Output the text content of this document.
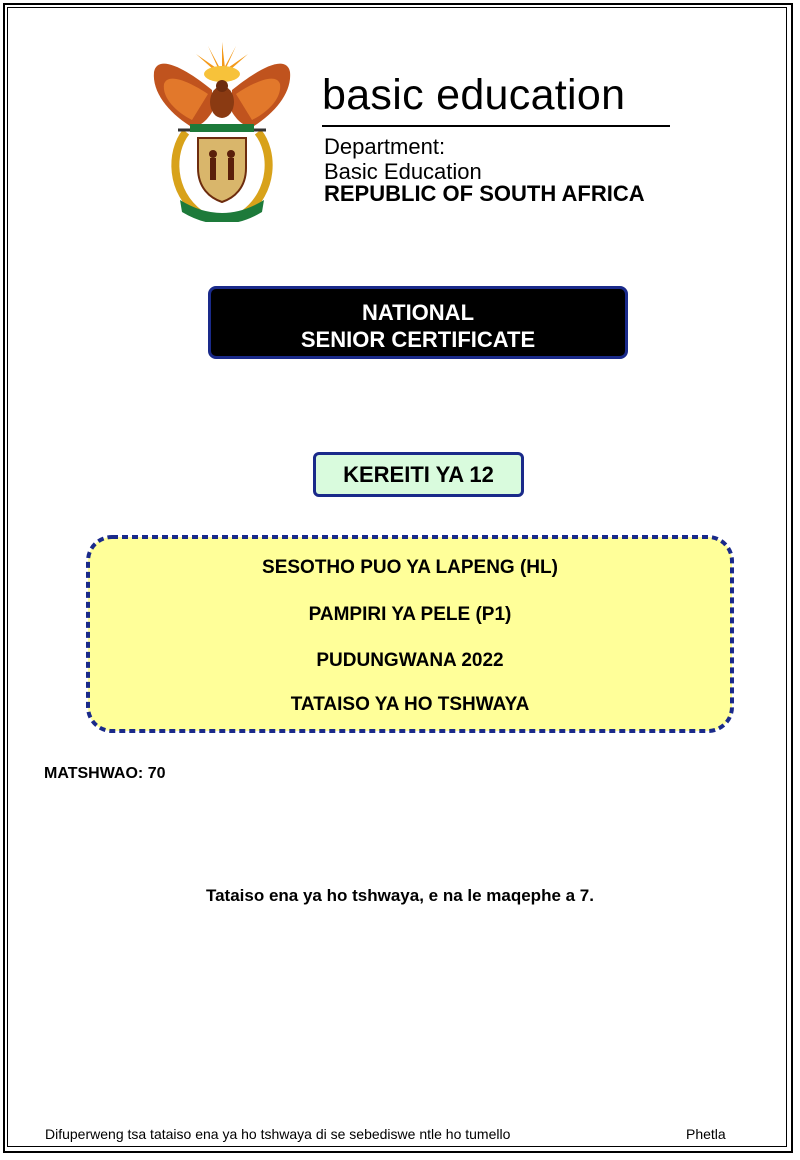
basic education
Department:
Basic Education
REPUBLIC OF SOUTH AFRICA
NATIONAL
SENIOR CERTIFICATE
KEREITI YA 12
SESOTHO PUO YA LAPENG (HL)
PAMPIRI YA PELE (P1)
PUDUNGWANA 2022
TATAISO YA HO TSHWAYA
MATSHWAO: 70
Tataiso ena ya ho tshwaya, e na le maqephe a 7.
Difuperweng tsa tataiso ena ya ho tshwaya di se sebediswe ntle ho tumello	Phetla
